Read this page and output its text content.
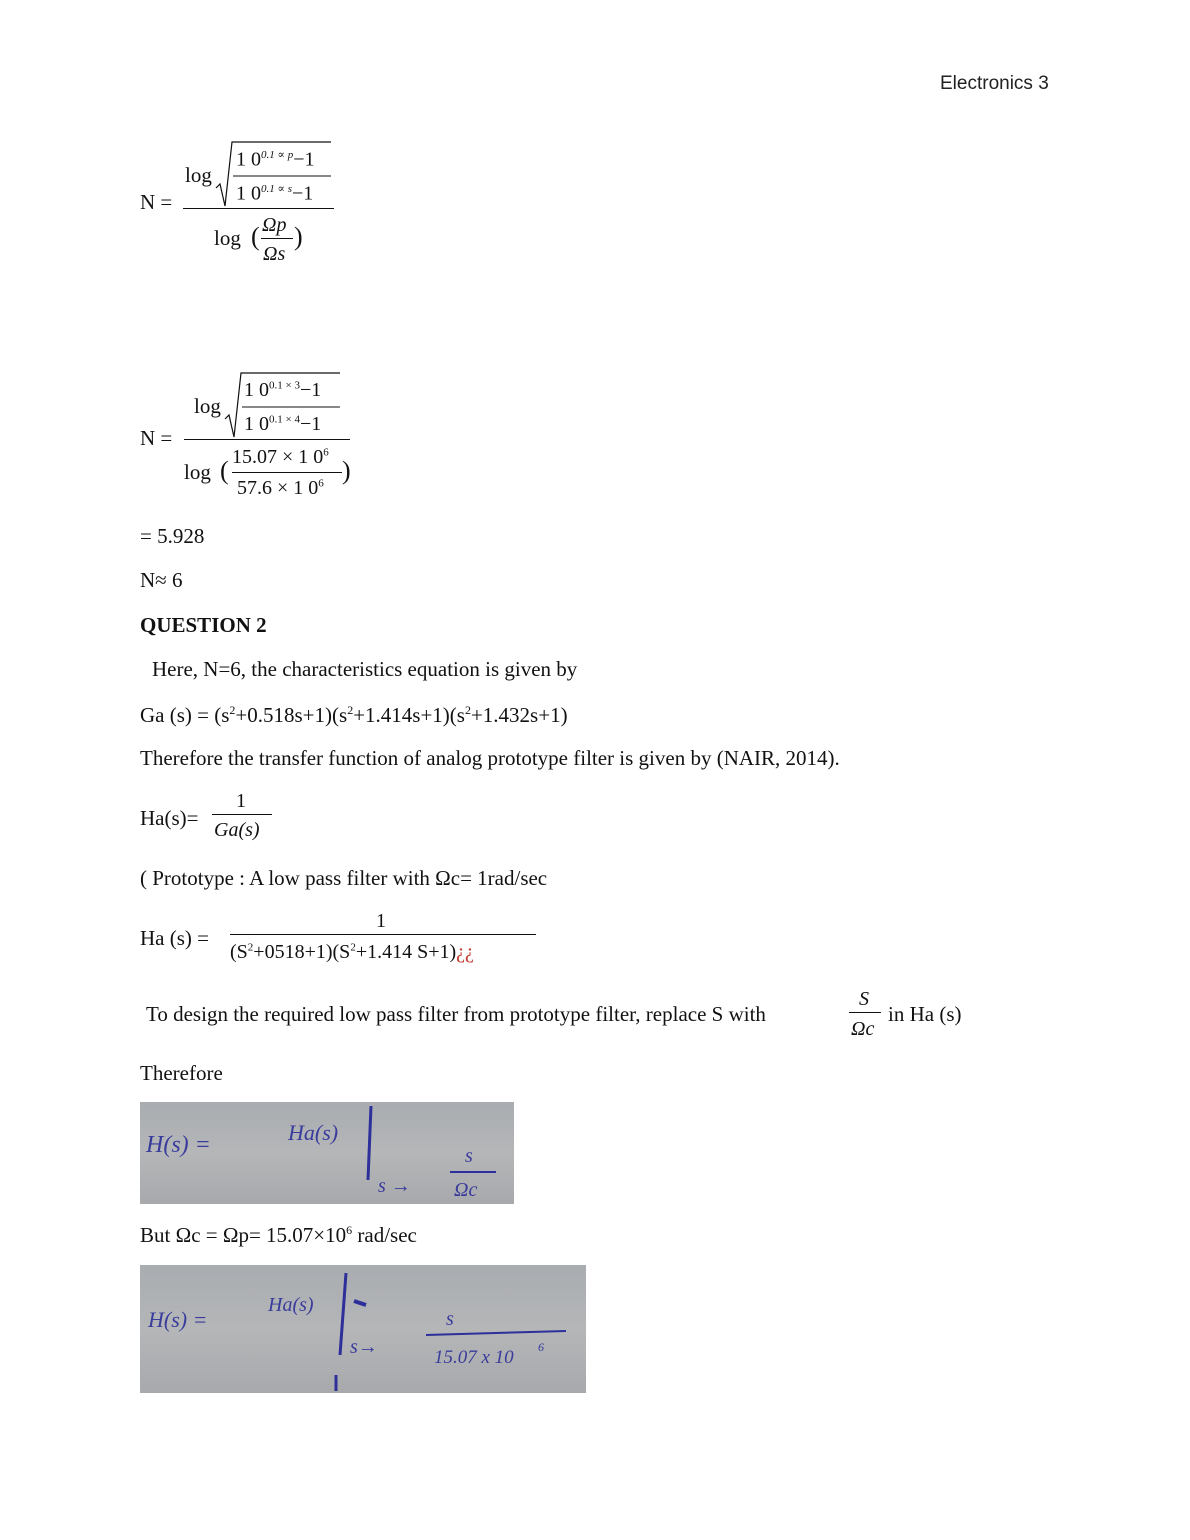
Electronics 3
N =
log
1 $0^{0.1 \propto p}-1$
1 $0^{0.1 \propto s}-1$
log ( Ωp
Ωs
)
N =
log
1 $0^{0.1 \times 3}-1$
1 $0^{0.1 \times 4}-1$
log ( 15.07 × 1 $0^6$
57.6 × 1 $0^6$ )
= 5.928
N≈ 6
QUESTION 2
Here, N=6, the characteristics equation is given by
Ga $(s) = (s^2+0.518s+1)(s^2+1.414s+1)(s^2+1.432s+1)$
Therefore the transfer function of analog prototype filter is given by (NAIR, 2014).
Ha(s)=
1
Ga(s)
( Prototype : A low pass filter with Ωc= 1rad/sec
Ha (s) =
1
$(S^2+0518+1)(S^2+1.414$ S+1)¿¿
To design the required low pass filter from prototype filter, replace S with
S
Ωc
in Ha (s)
Therefore
H(s) =	Ha(s)
s →
s
Ωc
But $\Omega c = \Omega p= 15.07\times 10^6$ rad/sec
H(s) =
Ha(s)
s→
s
15.07 x 10 6
